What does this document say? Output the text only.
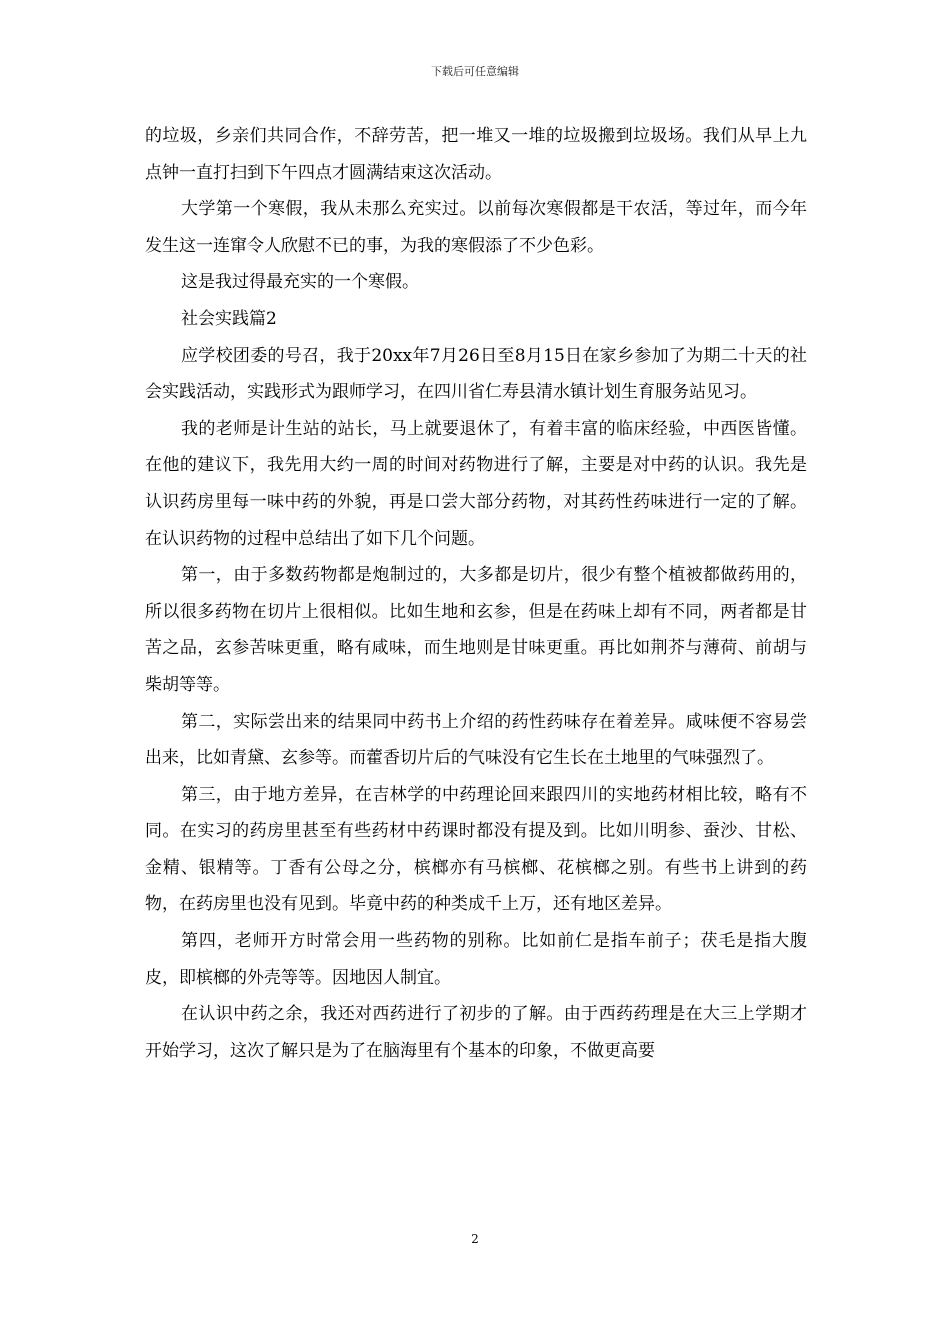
下载后可任意编辑

的垃圾，乡亲们共同合作，不辞劳苦，把一堆又一堆的垃圾搬到垃圾场。我们从早上九点钟一直打扫到下午四点才圆满结束这次活动。

大学第一个寒假，我从未那么充实过。以前每次寒假都是干农活，等过年，而今年发生这一连窜令人欣慰不已的事，为我的寒假添了不少色彩。

这是我过得最充实的一个寒假。

社会实践篇2

应学校团委的号召，我于20xx年7月26日至8月15日在家乡参加了为期二十天的社会实践活动，实践形式为跟师学习，在四川省仁寿县清水镇计划生育服务站见习。

我的老师是计生站的站长，马上就要退休了，有着丰富的临床经验，中西医皆懂。在他的建议下，我先用大约一周的时间对药物进行了解，主要是对中药的认识。我先是认识药房里每一味中药的外貌，再是口尝大部分药物，对其药性药味进行一定的了解。在认识药物的过程中总结出了如下几个问题。

第一，由于多数药物都是炮制过的，大多都是切片，很少有整个植被都做药用的，所以很多药物在切片上很相似。比如生地和玄参，但是在药味上却有不同，两者都是甘苦之品，玄参苦味更重，略有咸味，而生地则是甘味更重。再比如荆芥与薄荷、前胡与柴胡等等。

第二，实际尝出来的结果同中药书上介绍的药性药味存在着差异。咸味便不容易尝出来，比如青黛、玄参等。而藿香切片后的气味没有它生长在土地里的气味强烈了。

第三，由于地方差异，在吉林学的中药理论回来跟四川的实地药材相比较，略有不同。在实习的药房里甚至有些药材中药课时都没有提及到。比如川明参、蚕沙、甘松、金精、银精等。丁香有公母之分，槟榔亦有马槟榔、花槟榔之别。有些书上讲到的药物，在药房里也没有见到。毕竟中药的种类成千上万，还有地区差异。

第四，老师开方时常会用一些药物的别称。比如前仁是指车前子；茯毛是指大腹皮，即槟榔的外壳等等。因地因人制宜。

在认识中药之余，我还对西药进行了初步的了解。由于西药药理是在大三上学期才开始学习，这次了解只是为了在脑海里有个基本的印象，不做更高要

2
